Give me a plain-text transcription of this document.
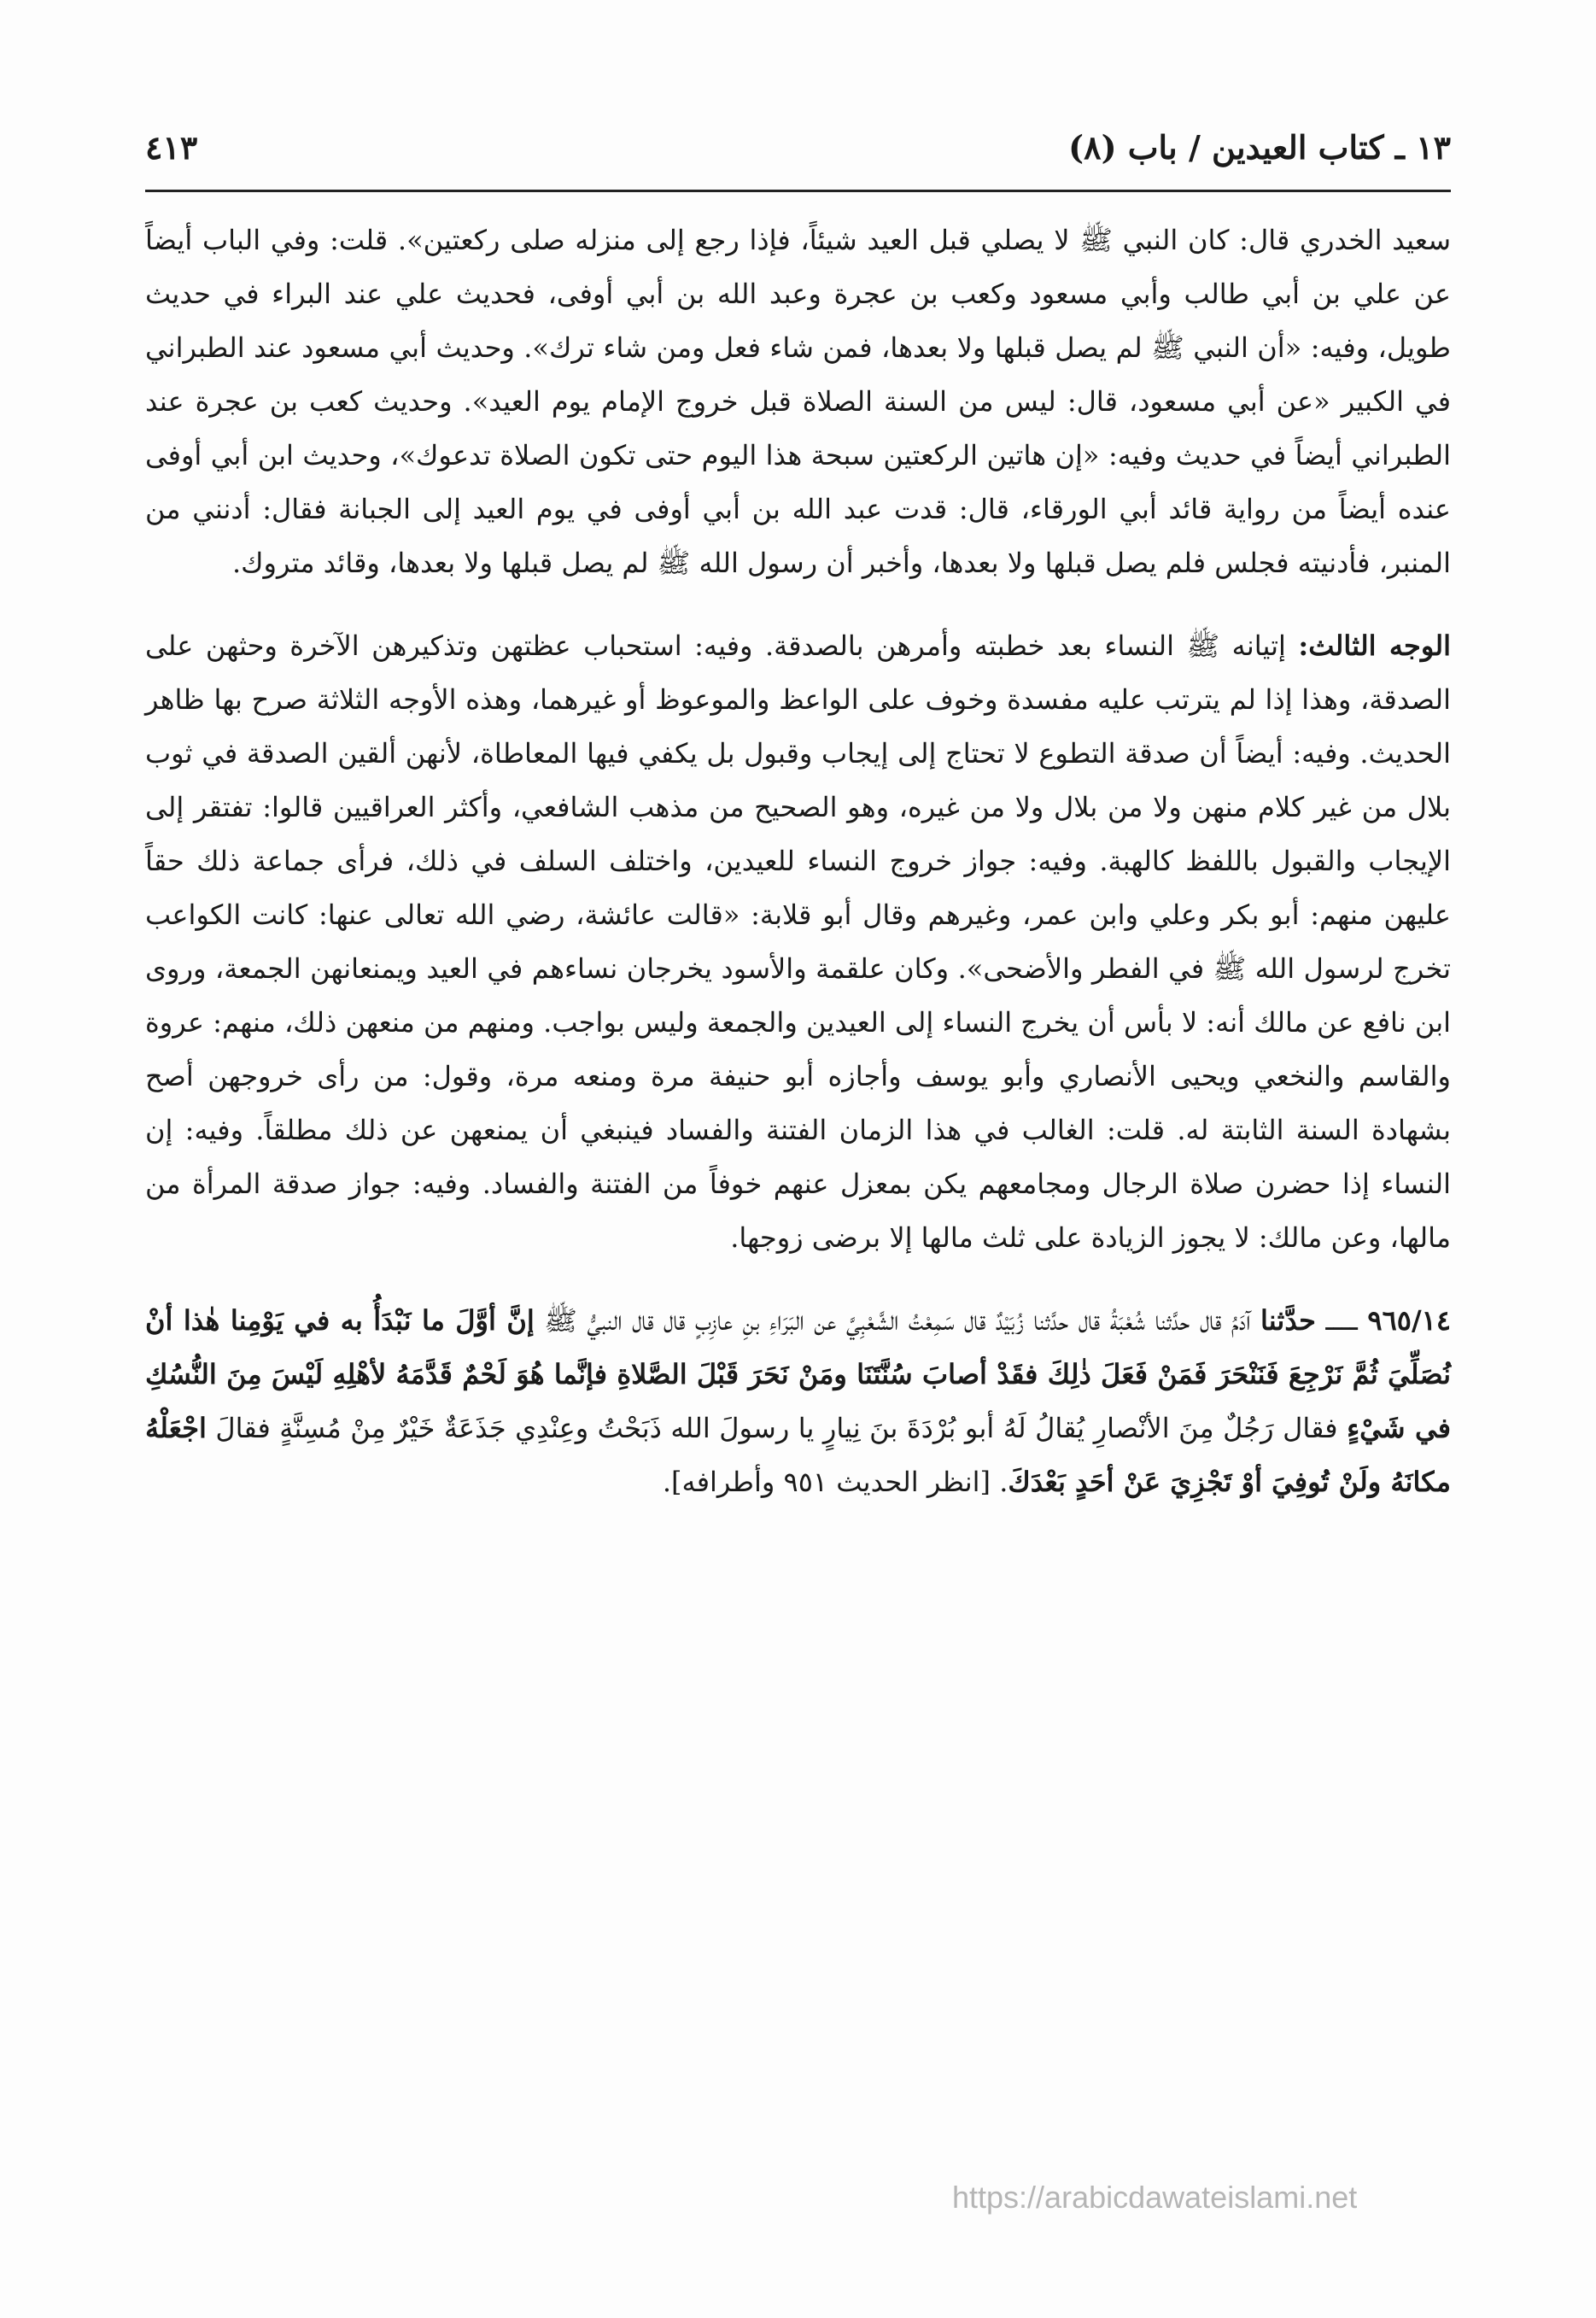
١٣ ـ كتاب العيدين / باب (٨)
٤١٣

سعيد الخدري قال: كان النبي ﷺ لا يصلي قبل العيد شيئاً، فإذا رجع إلى منزله صلى ركعتين». قلت: وفي الباب أيضاً عن علي بن أبي طالب وأبي مسعود وكعب بن عجرة وعبد الله بن أبي أوفى، فحديث علي عند البراء في حديث طويل، وفيه: «أن النبي ﷺ لم يصل قبلها ولا بعدها، فمن شاء فعل ومن شاء ترك». وحديث أبي مسعود عند الطبراني في الكبير «عن أبي مسعود، قال: ليس من السنة الصلاة قبل خروج الإمام يوم العيد». وحديث كعب بن عجرة عند الطبراني أيضاً في حديث وفيه: «إن هاتين الركعتين سبحة هذا اليوم حتى تكون الصلاة تدعوك»، وحديث ابن أبي أوفى عنده أيضاً من رواية قائد أبي الورقاء، قال: قدت عبد الله بن أبي أوفى في يوم العيد إلى الجبانة فقال: أدنني من المنبر، فأدنيته فجلس فلم يصل قبلها ولا بعدها، وأخبر أن رسول الله ﷺ لم يصل قبلها ولا بعدها، وقائد متروك.

الوجه الثالث: إتيانه ﷺ النساء بعد خطبته وأمرهن بالصدقة. وفيه: استحباب عظتهن وتذكيرهن الآخرة وحثهن على الصدقة، وهذا إذا لم يترتب عليه مفسدة وخوف على الواعظ والموعوظ أو غيرهما، وهذه الأوجه الثلاثة صرح بها ظاهر الحديث. وفيه: أيضاً أن صدقة التطوع لا تحتاج إلى إيجاب وقبول بل يكفي فيها المعاطاة، لأنهن ألقين الصدقة في ثوب بلال من غير كلام منهن ولا من بلال ولا من غيره، وهو الصحيح من مذهب الشافعي، وأكثر العراقيين قالوا: تفتقر إلى الإيجاب والقبول باللفظ كالهبة. وفيه: جواز خروج النساء للعيدين، واختلف السلف في ذلك، فرأى جماعة ذلك حقاً عليهن منهم: أبو بكر وعلي وابن عمر، وغيرهم وقال أبو قلابة: «قالت عائشة، رضي الله تعالى عنها: كانت الكواعب تخرج لرسول الله ﷺ في الفطر والأضحى». وكان علقمة والأسود يخرجان نساءهم في العيد ويمنعانهن الجمعة، وروى ابن نافع عن مالك أنه: لا بأس أن يخرج النساء إلى العيدين والجمعة وليس بواجب. ومنهم من منعهن ذلك، منهم: عروة والقاسم والنخعي ويحيى الأنصاري وأبو يوسف وأجازه أبو حنيفة مرة ومنعه مرة، وقول: من رأى خروجهن أصح بشهادة السنة الثابتة له. قلت: الغالب في هذا الزمان الفتنة والفساد فينبغي أن يمنعهن عن ذلك مطلقاً. وفيه: إن النساء إذا حضرن صلاة الرجال ومجامعهم يكن بمعزل عنهم خوفاً من الفتنة والفساد. وفيه: جواز صدقة المرأة من مالها، وعن مالك: لا يجوز الزيادة على ثلث مالها إلا برضى زوجها.

٩٦٥/١٤ ــــ حدَّثنا آدَمُ قال حدَّثنا شُعْبَةُ قال حدَّثنا زُبَيْدٌ قال سَمِعْتُ الشَّعْبِيَّ عن البَرَاءِ بنِ عازِبٍ قال قال النبيُّ ﷺ إنَّ أوَّلَ ما نَبْدَأُ به في يَوْمِنا هٰذا أنْ نُصَلِّيَ ثُمَّ نَرْجِعَ فَنَنْحَرَ فَمَنْ فَعَلَ ذٰلِكَ فقَدْ أصابَ سُنَّتَنَا ومَنْ نَحَرَ قَبْلَ الصَّلاةِ فإنَّما هُوَ لَحْمٌ قَدَّمَهُ لأهْلِهِ لَيْسَ مِنَ النُّسُكِ في شَيْءٍ فقال رَجُلٌ مِنَ الأنْصارِ يُقالُ لَهُ أبو بُرْدَةَ بنَ نِيارٍ يا رسولَ الله ذَبَحْتُ وعِنْدِي جَذَعَةٌ خَيْرٌ مِنْ مُسِنَّةٍ فقالَ اجْعَلْهُ مكانَهُ ولَنْ تُوفِيَ أوْ تَجْزِيَ عَنْ أحَدٍ بَعْدَكَ. [انظر الحديث ٩٥١ وأطرافه].

https://arabicdawateislami.net
